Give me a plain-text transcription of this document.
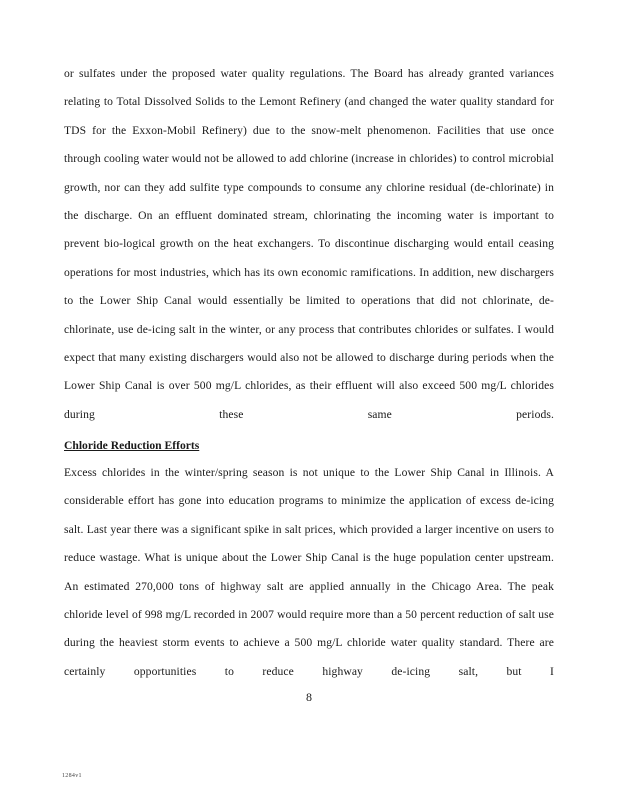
or sulfates under the proposed water quality regulations. The Board has already granted variances relating to Total Dissolved Solids to the Lemont Refinery (and changed the water quality standard for TDS for the Exxon-Mobil Refinery) due to the snow-melt phenomenon. Facilities that use once through cooling water would not be allowed to add chlorine (increase in chlorides) to control microbial growth, nor can they add sulfite type compounds to consume any chlorine residual (de-chlorinate) in the discharge. On an effluent dominated stream, chlorinating the incoming water is important to prevent bio-logical growth on the heat exchangers. To discontinue discharging would entail ceasing operations for most industries, which has its own economic ramifications. In addition, new dischargers to the Lower Ship Canal would essentially be limited to operations that did not chlorinate, de-chlorinate, use de-icing salt in the winter, or any process that contributes chlorides or sulfates. I would expect that many existing dischargers would also not be allowed to discharge during periods when the Lower Ship Canal is over 500 mg/L chlorides, as their effluent will also exceed 500 mg/L chlorides during these same periods.

Chloride Reduction Efforts

Excess chlorides in the winter/spring season is not unique to the Lower Ship Canal in Illinois. A considerable effort has gone into education programs to minimize the application of excess de-icing salt. Last year there was a significant spike in salt prices, which provided a larger incentive on users to reduce wastage. What is unique about the Lower Ship Canal is the huge population center upstream. An estimated 270,000 tons of highway salt are applied annually in the Chicago Area. The peak chloride level of 998 mg/L recorded in 2007 would require more than a 50 percent reduction of salt use during the heaviest storm events to achieve a 500 mg/L chloride water quality standard. There are certainly opportunities to reduce highway de-icing salt, but I

8
1284v1
